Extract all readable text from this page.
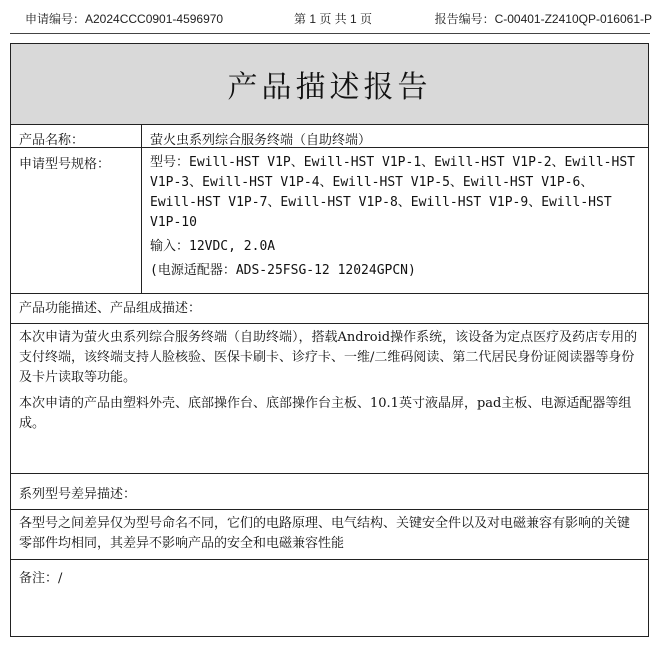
申请编号：A2024CCC0901-4596970	第 1 页 共 1 页	报告编号：C-00401-Z2410QP-016061-P
产品描述报告
产品名称：	萤火虫系列综合服务终端（自助终端）
申请型号规格：	型号：Ewill-HST V1P、Ewill-HST V1P-1、Ewill-HST V1P-2、Ewill-HST V1P-3、Ewill-HST V1P-4、Ewill-HST V1P-5、Ewill-HST V1P-6、Ewill-HST V1P-7、Ewill-HST V1P-8、Ewill-HST V1P-9、Ewill-HST V1P-10

输入：12VDC, 2.0A

(电源适配器：ADS-25FSG-12 12024GPCN)

产品功能描述、产品组成描述：

本次申请为萤火虫系列综合服务终端（自助终端），搭载Android操作系统，该设备为定点医疗及药店专用的支付终端，该终端支持人脸核验、医保卡刷卡、诊疗卡、一维/二维码阅读、第二代居民身份证阅读器等身份及卡片读取等功能。

本次申请的产品由塑料外壳、底部操作台、底部操作台主板、10.1英寸液晶屏，pad主板、电源适配器等组成。

系列型号差异描述：

各型号之间差异仅为型号命名不同，它们的电路原理、电气结构、关键安全件以及对电磁兼容有影响的关键零部件均相同，其差异不影响产品的安全和电磁兼容性能

备注：/
